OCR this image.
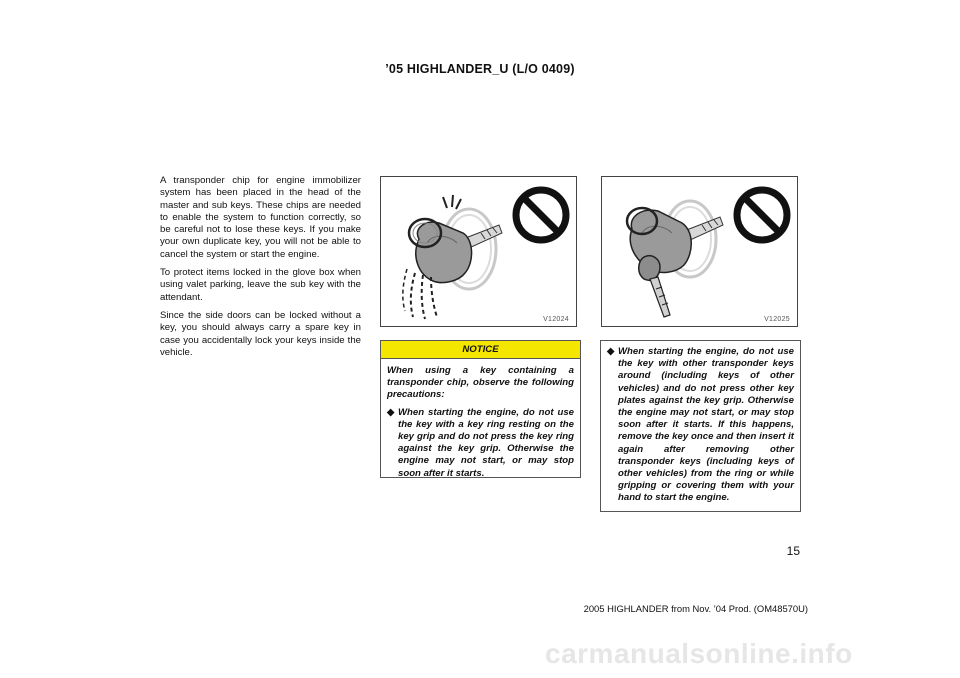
’05 HIGHLANDER_U (L/O 0409)

A transponder chip for engine immobilizer system has been placed in the head of the master and sub keys. These chips are needed to enable the system to function correctly, so be careful not to lose these keys. If you make your own duplicate key, you will not be able to cancel the system or start the engine.

To protect items locked in the glove box when using valet parking, leave the sub key with the attendant.

Since the side doors can be locked without a key, you should always carry a spare key in case you accidentally lock your keys inside the vehicle.

V12024	V12025
NOTICE

When using a key containing a transponder chip, observe the following precautions:

◆ When starting the engine, do not use the key with a key ring resting on the key grip and do not press the key ring against the key grip. Otherwise the engine may not start, or may stop soon after it starts.
◆ When starting the engine, do not use the key with other transponder keys around (including keys of other vehicles) and do not press other key plates against the key grip. Otherwise the engine may not start, or may stop soon after it starts. If this happens, remove the key once and then insert it again after removing other transponder keys (including keys of other vehicles) from the ring or while gripping or covering them with your hand to start the engine.
15
2005 HIGHLANDER from Nov. ’04 Prod. (OM48570U)
carmanualsonline.info
